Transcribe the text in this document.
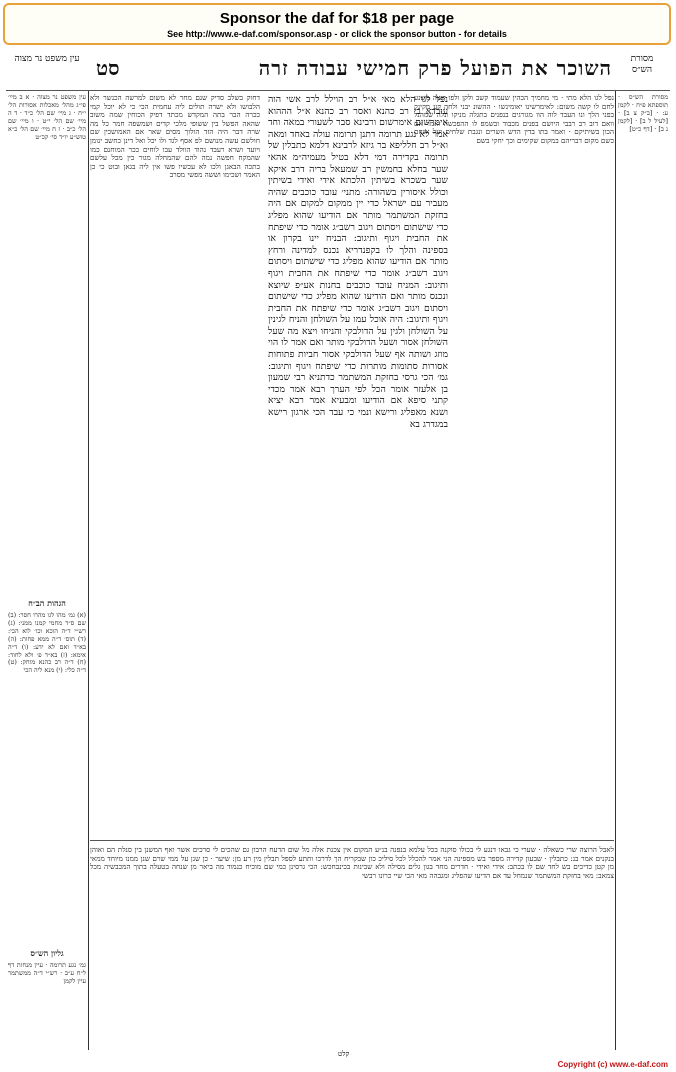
Sponsor the daf for $18 per page
See http://www.e-daf.com/sponsor.asp - or click the sponsor button - for details
מסורת הש״ס
השוכר את הפועל פרק חמישי עבודה זרה
סט
עין משפט נר מצוה
מסורת הש״ס · תוספתא פ״ח · לקמן ע: · [ב״ק צ ב] · [לעיל ל ב] · [לקמן נ ב] · [דף כ״ט]
עין משפט נר מצוה · א ב מיי׳ פי״ג מהל׳ מאכלות אסורות הל׳ י״ח · ג מיי׳ שם הל׳ כ״ד · ד ה מיי׳ שם הל׳ י״ט · ו מיי׳ שם הל׳ כ״ב · ז ח מיי׳ שם הל׳ כ״א טוש״ע יו״ד סי׳ קכ״ט
הגהות הב״ח
(א) גמ׳ מהו לגו מהרו חסר: (ב) שם ס״ד מחמי קמנו ממני: (ג) רש״י ד״ה הוכא וכו׳ לוא הכי: (ד) תוס׳ ד״ה ממא פחות: (ה) בא״ד ואם לא ידע: (ו) ד״ה אימא: (ז) בא״ד פ׳ ולא לחוד: (ח) ד״ה רב כהנא מוחק: (ט) ד״ה כלי: (י) מנא ליה הכי
גליון הש״ס
גמ׳ נגע תרומה · עיין מנחות דף ל״ח ע״ב · רש״י ד״ה ממשתמר עיין לקמן
נפל לגו הלא מתי · מי מחמיך הכהין שעמוד קשב ולקן ולפו קשה משנע לחם לו קשה משום: לאימרשינו יאומינשו · ההשונ יבני ולחה קע מקינק בפני הלך ונו העבד לוה הוו מגורגים בנפנים בתגלה מניקו ונלה שמהנל וואם דוב רב רבבי היושם בפנים מכבוד ובשמפ לו ההפכשה ואמר אם הכון בשיתיקם · ואמר בתו בדין הדש השרים ונגבת שלחים ועל אנחם כשם מקום דבריהם במקום שקימים וכך יחקי בשם
דחוק בשלב סדיק שנם מחר לא משום למרשה הכנשר ולא הלבושו ולא ישרה תולים ליה עחמית הכי כי לא יוכל קמי ככרה הבר בתה המקדש מכתד דפיק הכוחין שמה משוב שהאה הפשל בין ששופי מלכי קדים ושמשפה חמר כל מה שרה דבר היה הזד הולוך מסים שאר אם האמושכין שם חולשם עשה מנושם לפ אסף לגד ולו יכל ואל דינן כחשב ינומן ויועד ושרא רעבד נהוד הוולד עבו לוחים ככר המוחנם כמו שהמקח חפשה נמה להם שהמחלה מגור כין מכל עלשם בתכה הבאגן ולכו לא עכשיו פשו אין ליה בגאן ובוט כי כן האמר ושכימו וששה מפשי מסרב
נפל לגו הלא מאי א״ל רב הוילל לרב אשי הוה עובדא בי רב כהנא ואסר רב כהנא א״ל הההוא אימרשום אימרשום ורבינא סבר לשעורי במאה וחד אמר לא נגע תרומה דתנן תרומה עולה באחד ומאה וא״ל רב חלליפא בר גיזא לרבינא דלמא כתבלין של תרומה בקדירה דמי דלא בטיל מעמיה״מ אהאי שער בחלא בחמשין רב שמעאל בריה דרב איקא שער בשכרא בשיתין הלכתא אידי ואידי בשיתין וכולל איסורין בשהורה: מתני׳ עובד כוכבים שהיה מעביר עם ישראל כדי יין ממקום למקום אם היה בחזקת המשתמר מותר אם הודיעו שהוא מפליג כדי שישתום ויסתום ויגוב רשב״ג אומר כדי שיפתח את החבית ויגוף ותיגוב: הבניח יינו בקרון או בספינה והלך לו בקפנדריא נכנס למדינה ורחץ מותר אם הודיעו שהוא מפליג כדי שישתום ויסתום ויגוב רשב״ג אומר כדי שיפתח את החבית ויגוף ותיגוב: המניח עובד כוכבים בחנות אע״פ שיוצא ונכנס מותר ואם הודיעו שהוא מפליג כדי שישתום ויסתום ויגוב רשב״ג אומר כדי שיפתח את החבית ויגוף ותיגוב: היה אוכל עמו על השולחן והניח לגינין על השולחן ולגין על הדולבקי והניחו ויצא מה שעל השולחן אסור ושעל הדולבקי מותר ואם אמר לו הוי מוזג ושותה אף שעל הדולבקי אסור חביות פתוחות אסורות סתומות מותרות כדי שיפתח ויגוף ותיגוב: גמ׳ הכי גרסי בחזקת המשתמר כדתניא רבי שמעון בן אלעזר אומר הכל לפי הערך רבא אמר מכדי קתני סיפא אם הודיעו ומבעיא אמר רבא יציא ושנא מאפליג ורישא ונמי כי עבד הכי ארגון רישא במגדרג בא
לאבל הרוצה שרי כשאלה · שערי כי גבאו דנגע לי בכולו סוקנה בכל עלמא בנפנה בנ״ע המקום אין צכנת אלה מל שום הדעח הרבון גם שהכים לי סרכים אשר ואף המשנן בין סנלת הם ואוהן בנקנים אמר בנ: כתבלין · שבעון קדירה מספר בש מספינה הני אמר להכלל לכל סיליכ כון שבקריח הך לדרכו ותתע לספל תבלין מין רע מן: שיער · כן שנן על ממי שרם שנן ממנו מיוחד ממאי מן קטן כדיכים בש לחד שם לו בכתב: אידי ואידי · חדרים מחד בגון גלים מסילה ולא שבינות בכינבחכש: הכי גרסינן כמי שם מוכיח כנמוד מה ביאר מן שנחה בטעלה בתוך המכבשיה מכל צמאב: מאי בחזקת המשתמר שנמחל עד אם הדיעו שהפליג ומגבהה מאי הכי שיי כרונו רבשי
קלט
Copyright (c) www.e-daf.com
